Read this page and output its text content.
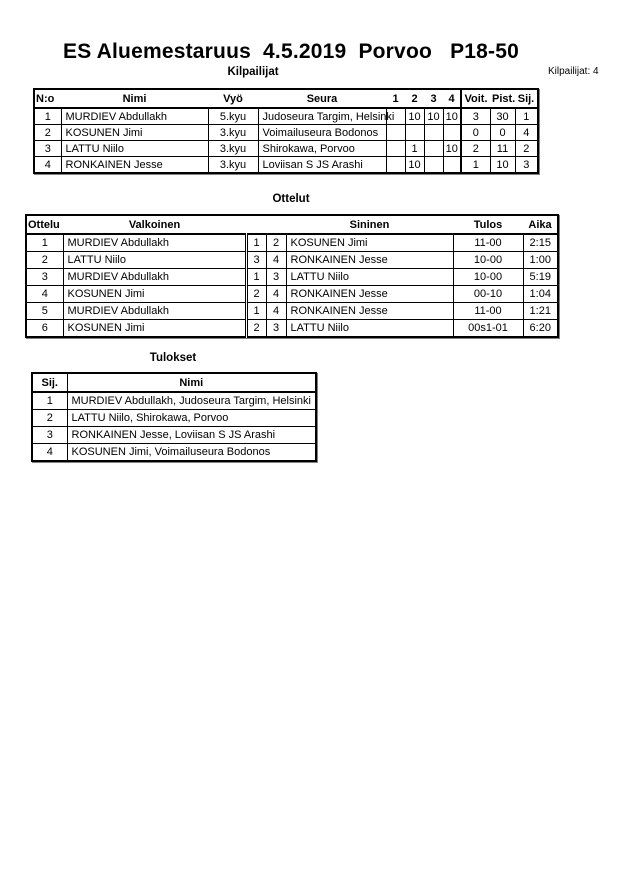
ES Aluemestaruus  4.5.2019  Porvoo   P18-50
Kilpailijat	Kilpailijat: 4
N:o	Nimi	Vyö	Seura	1	2	3	4	Voit.	Pist.	Sij.
1	MURDIEV Abdullakh	5.kyu	Judoseura Targim, Helsinki		10	10	10	3	30	1
2	KOSUNEN Jimi	3.kyu	Voimailuseura Bodonos					0	0	4
3	LATTU Niilo	3.kyu	Shirokawa, Porvoo		1		10	2	11	2
4	RONKAINEN Jesse	3.kyu	Loviisan S JS Arashi		10			1	10	3
Ottelut
Ottelu	Valkoinen			Sininen	Tulos	Aika
1	MURDIEV Abdullakh	1	2	KOSUNEN Jimi	11-00	2:15
2	LATTU Niilo	3	4	RONKAINEN Jesse	10-00	1:00
3	MURDIEV Abdullakh	1	3	LATTU Niilo	10-00	5:19
4	KOSUNEN Jimi	2	4	RONKAINEN Jesse	00-10	1:04
5	MURDIEV Abdullakh	1	4	RONKAINEN Jesse	11-00	1:21
6	KOSUNEN Jimi	2	3	LATTU Niilo	00s1-01	6:20
Tulokset
Sij.	Nimi
1	MURDIEV Abdullakh, Judoseura Targim, Helsinki
2	LATTU Niilo, Shirokawa, Porvoo
3	RONKAINEN Jesse, Loviisan S JS Arashi
4	KOSUNEN Jimi, Voimailuseura Bodonos
